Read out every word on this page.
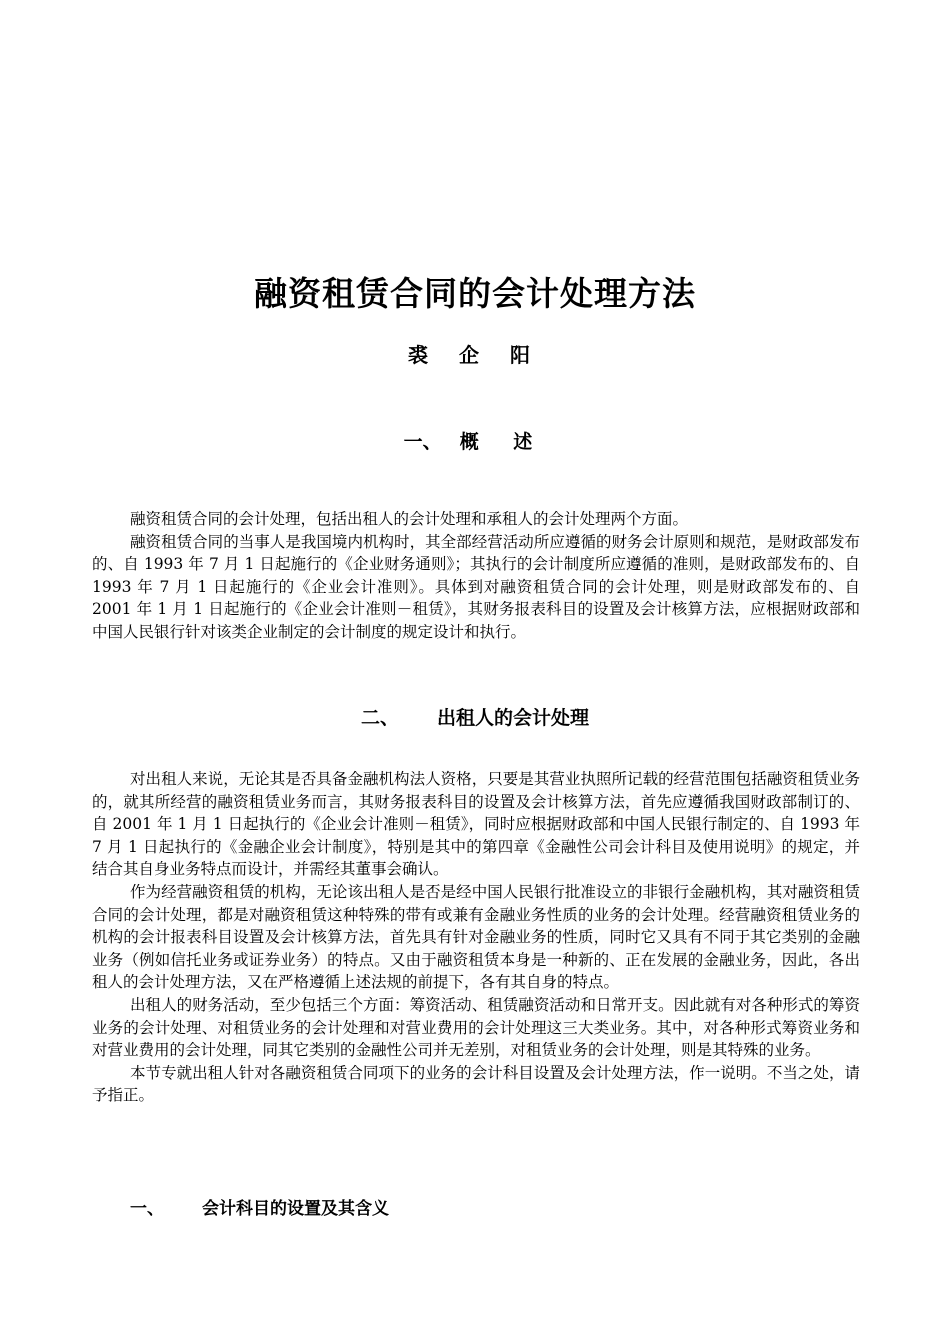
融资租赁合同的会计处理方法
裘 企 阳
一、 概 述

融资租赁合同的会计处理，包括出租人的会计处理和承租人的会计处理两个方面。

融资租赁合同的当事人是我国境内机构时，其全部经营活动所应遵循的财务会计原则和规范，是财政部发布的、自 1993 年 7 月 1 日起施行的《企业财务通则》；其执行的会计制度所应遵循的准则，是财政部发布的、自 1993 年 7 月 1 日起施行的《企业会计准则》。具体到对融资租赁合同的会计处理，则是财政部发布的、自 2001 年 1 月 1 日起施行的《企业会计准则－租赁》，其财务报表科目的设置及会计核算方法，应根据财政部和中国人民银行针对该类企业制定的会计制度的规定设计和执行。

二、 出租人的会计处理

对出租人来说，无论其是否具备金融机构法人资格，只要是其营业执照所记载的经营范围包括融资租赁业务的，就其所经营的融资租赁业务而言，其财务报表科目的设置及会计核算方法，首先应遵循我国财政部制订的、自 2001 年 1 月 1 日起执行的《企业会计准则－租赁》，同时应根据财政部和中国人民银行制定的、自 1993 年 7 月 1 日起执行的《金融企业会计制度》，特别是其中的第四章《金融性公司会计科目及使用说明》的规定，并结合其自身业务特点而设计，并需经其董事会确认。

作为经营融资租赁的机构，无论该出租人是否是经中国人民银行批准设立的非银行金融机构，其对融资租赁合同的会计处理，都是对融资租赁这种特殊的带有或兼有金融业务性质的业务的会计处理。经营融资租赁业务的机构的会计报表科目设置及会计核算方法，首先具有针对金融业务的性质，同时它又具有不同于其它类别的金融业务（例如信托业务或证券业务）的特点。又由于融资租赁本身是一种新的、正在发展的金融业务，因此，各出租人的会计处理方法，又在严格遵循上述法规的前提下，各有其自身的特点。

出租人的财务活动，至少包括三个方面：筹资活动、租赁融资活动和日常开支。因此就有对各种形式的筹资业务的会计处理、对租赁业务的会计处理和对营业费用的会计处理这三大类业务。其中，对各种形式筹资业务和对营业费用的会计处理，同其它类别的金融性公司并无差别，对租赁业务的会计处理，则是其特殊的业务。

本节专就出租人针对各融资租赁合同项下的业务的会计科目设置及会计处理方法，作一说明。不当之处，请予指正。

一、 会计科目的设置及其含义
